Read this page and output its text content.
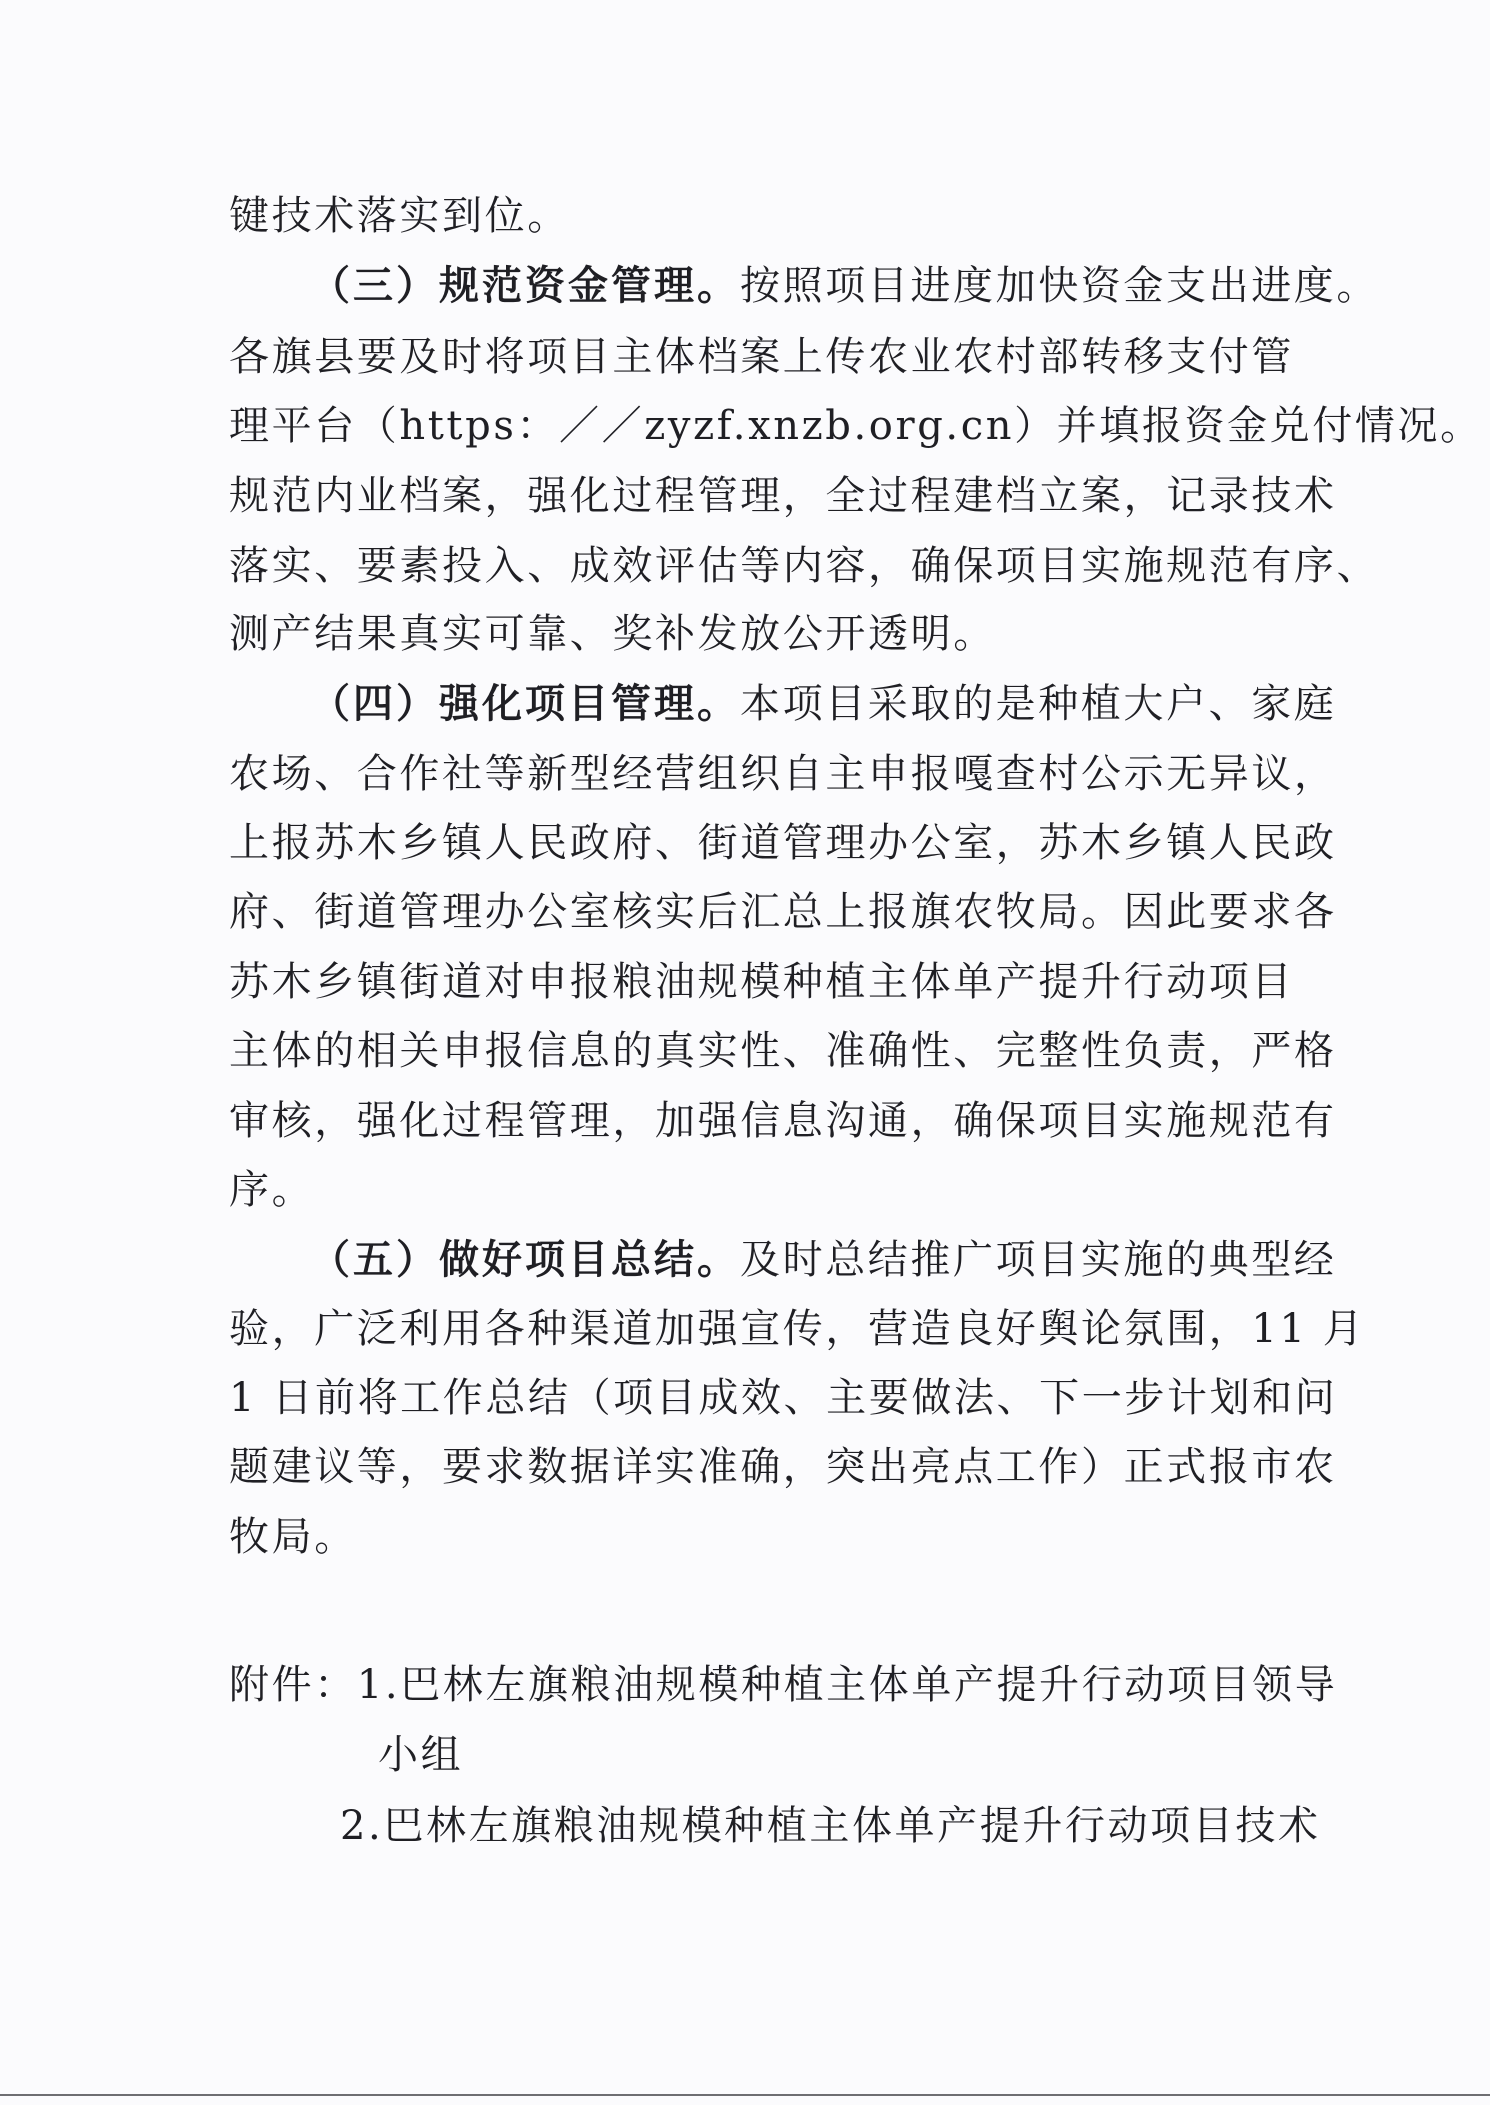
键技术落实到位。
（三）规范资金管理。按照项目进度加快资金支出进度。
各旗县要及时将项目主体档案上传农业农村部转移支付管
理平台（https：／／zyzf.xnzb.org.cn）并填报资金兑付情况。
规范内业档案，强化过程管理，全过程建档立案，记录技术
落实、要素投入、成效评估等内容，确保项目实施规范有序、
测产结果真实可靠、奖补发放公开透明。
（四）强化项目管理。本项目采取的是种植大户、家庭
农场、合作社等新型经营组织自主申报嘎查村公示无异议，
上报苏木乡镇人民政府、街道管理办公室，苏木乡镇人民政
府、街道管理办公室核实后汇总上报旗农牧局。因此要求各
苏木乡镇街道对申报粮油规模种植主体单产提升行动项目
主体的相关申报信息的真实性、准确性、完整性负责，严格
审核，强化过程管理，加强信息沟通，确保项目实施规范有
序。
（五）做好项目总结。及时总结推广项目实施的典型经
验，广泛利用各种渠道加强宣传，营造良好舆论氛围，11 月
1 日前将工作总结（项目成效、主要做法、下一步计划和问
题建议等，要求数据详实准确，突出亮点工作）正式报市农
牧局。
附件：1.巴林左旗粮油规模种植主体单产提升行动项目领导
小组
2.巴林左旗粮油规模种植主体单产提升行动项目技术
